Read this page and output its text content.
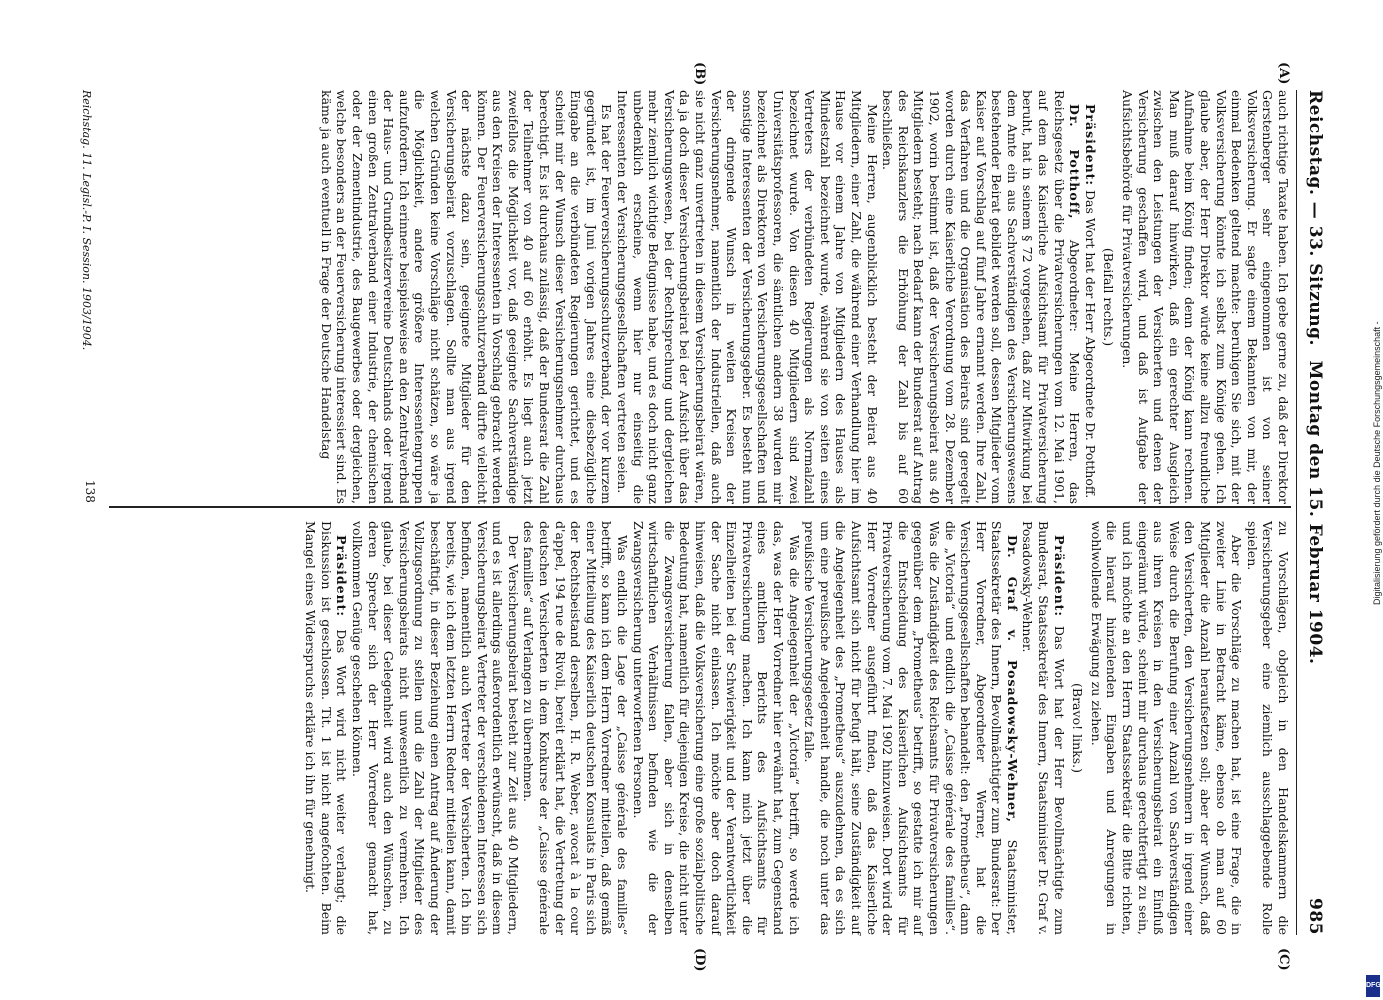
Reichstag. — 33. Sitzung.
Montag den 15. Februar 1904.
985
(A)
(B)
(C)
(D)

auch richtige Taxate haben. Ich gebe gerne zu, daß der Direktor Gerstenberger sehr eingenommen ist von seiner Volksversicherung. Er sagte einem Bekannten von mir, der einmal Bedenken geltend machte: beruhigen Sie sich, mit der Volksversicherung könnte ich selbst zum Könige gehen. Ich glaube aber, der Herr Direktor würde keine allzu freundliche Aufnahme beim König finden; denn der König kann rechnen. Man muß darauf hinwirken, daß ein gerechter Ausgleich zwischen den Leistungen der Versicherten und denen der Versicherung geschaffen wird, und daß ist Aufgabe der Aufsichtsbehörde für Privatversicherungen.

(Beifall rechts.)

Präsident: Das Wort hat der Herr Abgeordnete Dr. Potthoff.

Dr. Potthoff, Abgeordneter: Meine Herren, das Reichsgesetz über die Privatversicherungen vom 12. Mai 1901, auf dem das Kaiserliche Aufsichtsamt für Privatversicherung beruht, hat in seinem § 72 vorgesehen, daß zur Mitwirkung bei dem Amte ein aus Sachverständigen des Versicherungswesens bestehender Beirat gebildet werden soll, dessen Mitglieder vom Kaiser auf Vorschlag auf fünf Jahre ernannt werden. Ihre Zahl, das Verfahren und die Organisation des Beirats sind geregelt worden durch eine Kaiserliche Verordnung vom 28. Dezember 1902, worin bestimmt ist, daß der Versicherungsbeirat aus 40 Mitgliedern besteht; nach Bedarf kann der Bundesrat auf Antrag des Reichskanzlers die Erhöhung der Zahl bis auf 60 beschließen.

Meine Herren, augenblicklich besteht der Beirat aus 40 Mitgliedern, einer Zahl, die während einer Verhandlung hier im Hause vor einem Jahre von Mitgliedern des Hauses als Mindestzahl bezeichnet wurde, während sie von seiten eines Vertreters der verbündeten Regierungen als Normalzahl bezeichnet wurde. Von diesen 40 Mitgliedern sind zwei Universitätsprofessoren, die sämtlichen andern 38 wurden mir bezeichnet als Direktoren von Versicherungsgesellschaften und sonstige Interessenten der Versicherungsgeber. Es besteht nun der dringende Wunsch in weiten Kreisen der Versicherungsnehmer, namentlich der Industriellen, daß auch sie nicht ganz unvertreten in diesem Versicherungsbeirat wären, da ja doch dieser Versicherungsbeirat bei der Aufsicht über das Versicherungswesen, bei der Rechtsprechung und dergleichen mehr ziemlich wichtige Befugnisse habe, und es doch nicht ganz unbedenklich erscheine, wenn hier nur einseitig die Interessenten der Versicherungsgesellschaften vertreten seien.

Es hat der Feuerversicherungsschutzverband, der vor kurzem gegründet ist, im Juni vorigen Jahres eine diesbezügliche Eingabe an die verbündeten Regierungen gerichtet, und es scheint mir der Wunsch dieser Versicherungsnehmer durchaus berechtigt. Es ist durchaus zulässig, daß der Bundesrat die Zahl der Teilnehmer von 40 auf 60 erhöht. Es liegt auch jetzt zweifellos die Möglichkeit vor, daß geeignete Sachverständige aus den Kreisen der Interessenten in Vorschlag gebracht werden können. Der Feuerversicherungsschutzverband dürfte vielleicht der nächste dazu sein, geeignete Mitglieder für den Versicherungsbeirat vorzuschlagen. Sollte man aus irgend welchen Gründen keine Vorschläge nicht schätzen, so wäre ja die Möglichkeit, andere größere Interessentengruppen aufzufordern. Ich erinnere beispielsweise an den Zentralverband der Haus- und Grundbesitzervereine Deutschlands oder irgend einen großen Zentralverband einer Industrie, der chemischen oder der Zementindustrie, des Baugewerbes oder dergleichen, welche besonders an der Feuerversicherung interessiert sind. Es käme ja auch eventuell in Frage der Deutsche Handelstag

zu Vorschlägen, obgleich in den Handelskammern die Versicherungsgeber eine ziemlich ausschlaggebende Rolle spielen.

Aber die Vorschläge zu machen hat, ist eine Frage, die in zweiter Linie in Betracht käme, ebenso ob man auf 60 Mitglieder die Anzahl heraufsetzen soll; aber der Wunsch, daß den Versicherten, den Versicherungsnehmern in irgend einer Weise durch die Berufung einer Anzahl von Sachverständigen aus ihren Kreisen in den Versicherungsbeirat ein Einfluß eingeräumt würde, scheint mir durchaus gerechtfertigt zu sein, und ich möchte an den Herrn Staatssekretär die Bitte richten, die hierauf hinzielenden Eingaben und Anregungen in wohlwollende Erwägung zu ziehen.

(Bravo! links.)

Präsident: Das Wort hat der Herr Bevollmächtigte zum Bundesrat, Staatssekretär des Innern, Staatsminister Dr. Graf v. Posadowsky-Wehner.

Dr. Graf v. Posadowsky-Wehner, Staatsminister, Staatssekretär des Innern, Bevollmächtigter zum Bundesrat: Der Herr Vorredner, Abgeordneter Werner, hat die Versicherungsgesellschaften behandelt: den „Prometheus“, dann die „Victoria“ und endlich die „Caisse générale des familles“. Was die Zuständigkeit des Reichsamts für Privatversicherungen gegenüber dem „Prometheus“ betrifft, so gestatte ich mir auf die Entscheidung des Kaiserlichen Aufsichtsamts für Privatversicherung vom 7. Mai 1902 hinzuweisen. Dort wird der Herr Vorredner ausgeführt finden, daß das Kaiserliche Aufsichtsamt sich nicht für befugt hält, seine Zuständigkeit auf die Angelegenheit des „Prometheus“ auszudehnen, da es sich um eine preußische Angelegenheit handle, die noch unter das preußische Versicherungsgesetz falle.

Was die Angelegenheit der „Victoria“ betrifft, so werde ich das, was der Herr Vorredner hier erwähnt hat, zum Gegenstand eines amtlichen Berichts des Aufsichtsamts für Privatversicherung machen. Ich kann mich jetzt über die Einzelheiten bei der Schwierigkeit und der Verantwortlichkeit der Sache nicht einlassen. Ich möchte aber doch darauf hinweisen, daß die Volksversicherung eine große sozialpolitische Bedeutung hat, namentlich für diejenigen Kreise, die nicht unter die Zwangsversicherung fallen, aber sich in denselben wirtschaftlichen Verhältnissen befinden wie die der Zwangsversicherung unterworfenen Personen.

Was endlich die Lage der „Caisse générale des familles“ betrifft, so kann ich dem Herrn Vorredner mitteilen, daß gemäß einer Mitteilung des Kaiserlich deutschen Konsulats in Paris sich der Rechtsbeistand derselben, H. R. Weber, avocat à la cour d'appel, 194 rue de Rivoli, bereit erklärt hat, die Vertretung der deutschen Versicherten in dem Konkurse der „Caisse générale des familles“ auf Verlangen zu übernehmen.

Der Versicherungsbeirat besteht zur Zeit aus 40 Mitgliedern, und es ist allerdings außerordentlich erwünscht, daß in diesem Versicherungsbeirat Vertreter der verschiedenen Interessen sich befinden, namentlich auch Vertreter der Versicherten. Ich bin bereits, wie ich dem letzten Herrn Redner mitteilen kann, damit beschäftigt, in dieser Beziehung einen Antrag auf Änderung der Vollzugsordnung zu stellen und die Zahl der Mitglieder des Versicherungsbeirats nicht unwesentlich zu vermehren. Ich glaube, bei dieser Gelegenheit wird auch den Wünschen, zu deren Sprecher sich der Herr Vorredner gemacht hat, vollkommen Genüge geschehen können.

Präsident: Das Wort wird nicht weiter verlangt; die Diskussion ist geschlossen. Tit. 1 ist nicht angefochten. Beim Mangel eines Widerspruchs erkläre ich ihn für genehmigt.

Reichstag. 11. Legisl.-P. I. Session. 1903/1904.
138	Digitalisierung gefördert durch die Deutsche Forschungsgemeinschaft -
DFG
